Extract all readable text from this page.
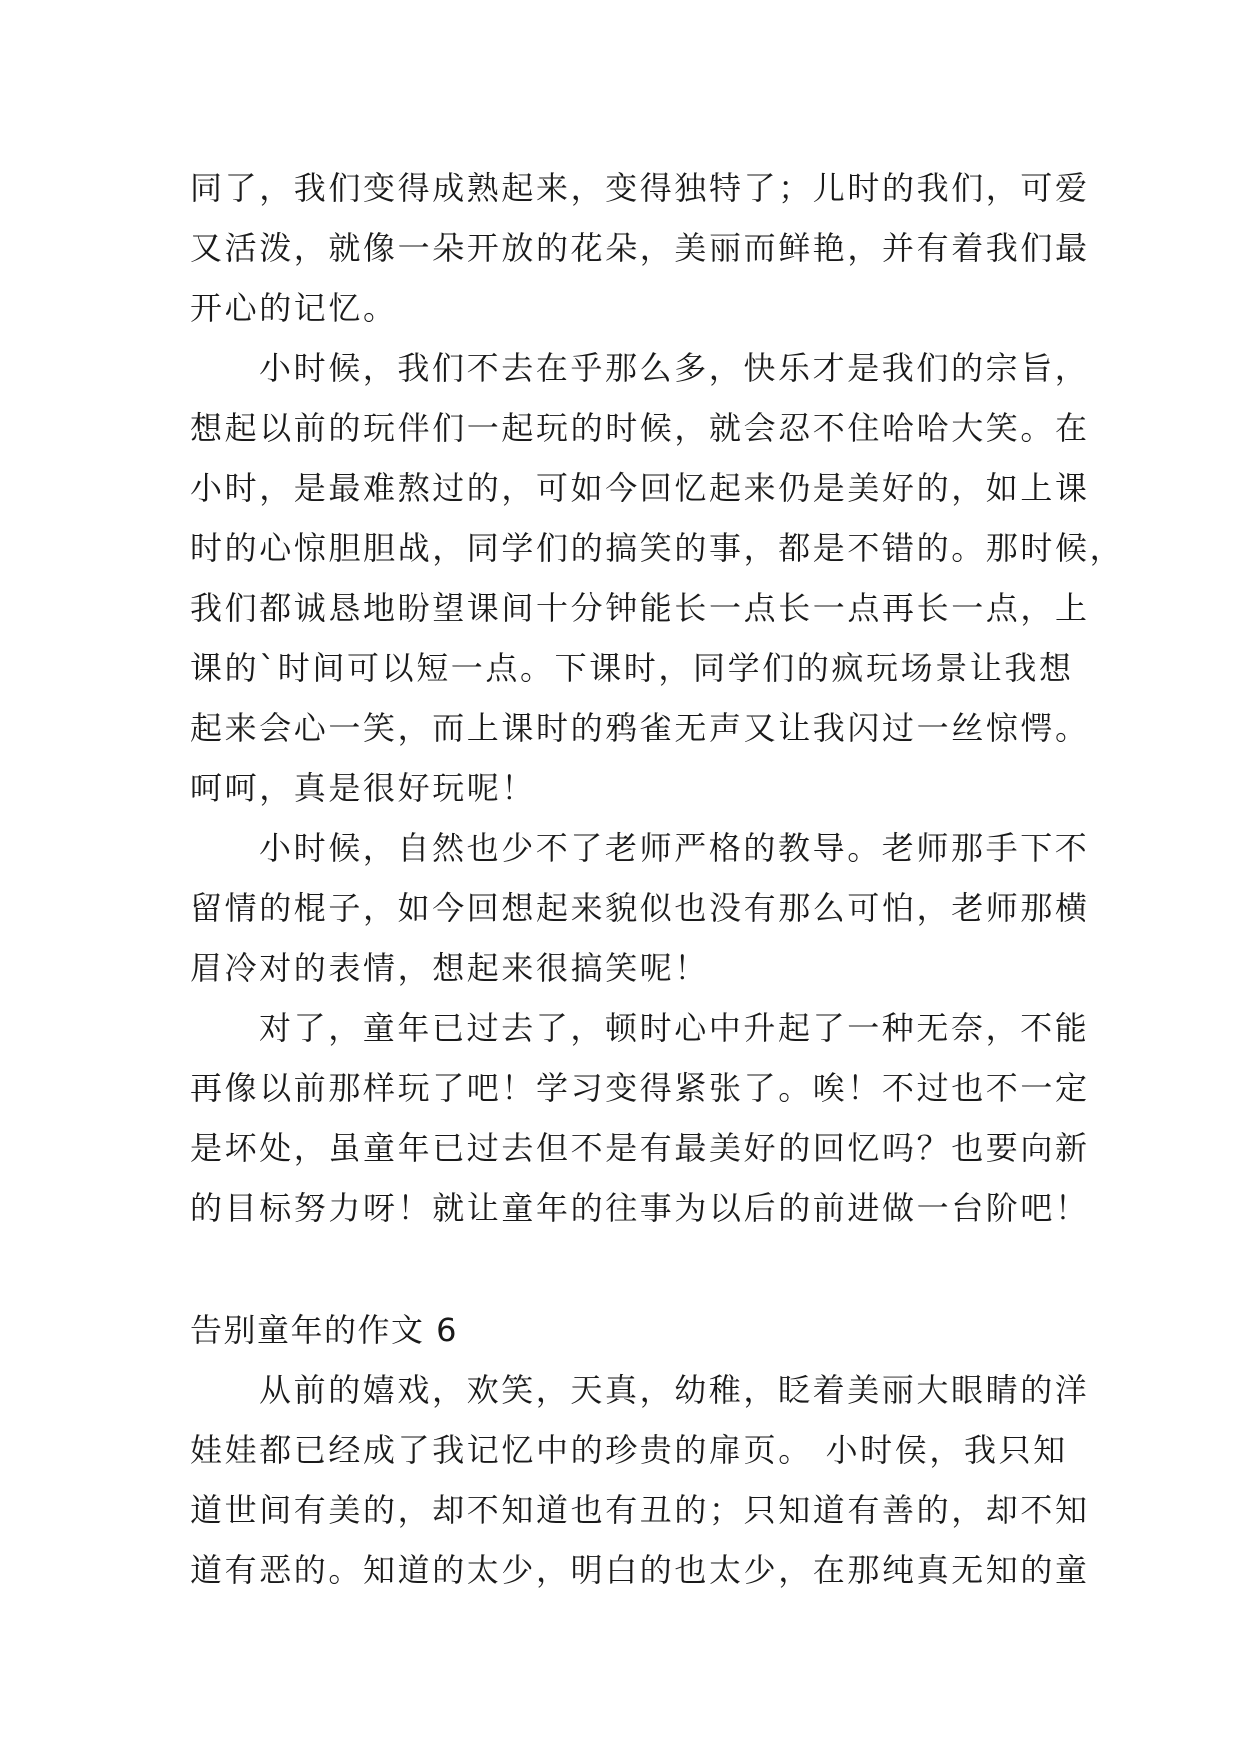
同了，我们变得成熟起来，变得独特了；儿时的我们，可爱
又活泼，就像一朵开放的花朵，美丽而鲜艳，并有着我们最
开心的记忆。
小时候，我们不去在乎那么多，快乐才是我们的宗旨，
想起以前的玩伴们一起玩的时候，就会忍不住哈哈大笑。在
小时，是最难熬过的，可如今回忆起来仍是美好的，如上课
时的心惊胆胆战，同学们的搞笑的事，都是不错的。那时候，
我们都诚恳地盼望课间十分钟能长一点长一点再长一点，上
课的`时间可以短一点。下课时，同学们的疯玩场景让我想
起来会心一笑，而上课时的鸦雀无声又让我闪过一丝惊愕。
呵呵，真是很好玩呢！
小时候，自然也少不了老师严格的教导。老师那手下不
留情的棍子，如今回想起来貌似也没有那么可怕，老师那横
眉冷对的表情，想起来很搞笑呢！
对了，童年已过去了，顿时心中升起了一种无奈，不能
再像以前那样玩了吧！学习变得紧张了。唉！不过也不一定
是坏处，虽童年已过去但不是有最美好的回忆吗？也要向新
的目标努力呀！就让童年的往事为以后的前进做一台阶吧！
告别童年的作文 6
从前的嬉戏，欢笑，天真，幼稚，眨着美丽大眼睛的洋
娃娃都已经成了我记忆中的珍贵的扉页。 小时侯，我只知
道世间有美的，却不知道也有丑的；只知道有善的，却不知
道有恶的。知道的太少，明白的也太少，在那纯真无知的童
